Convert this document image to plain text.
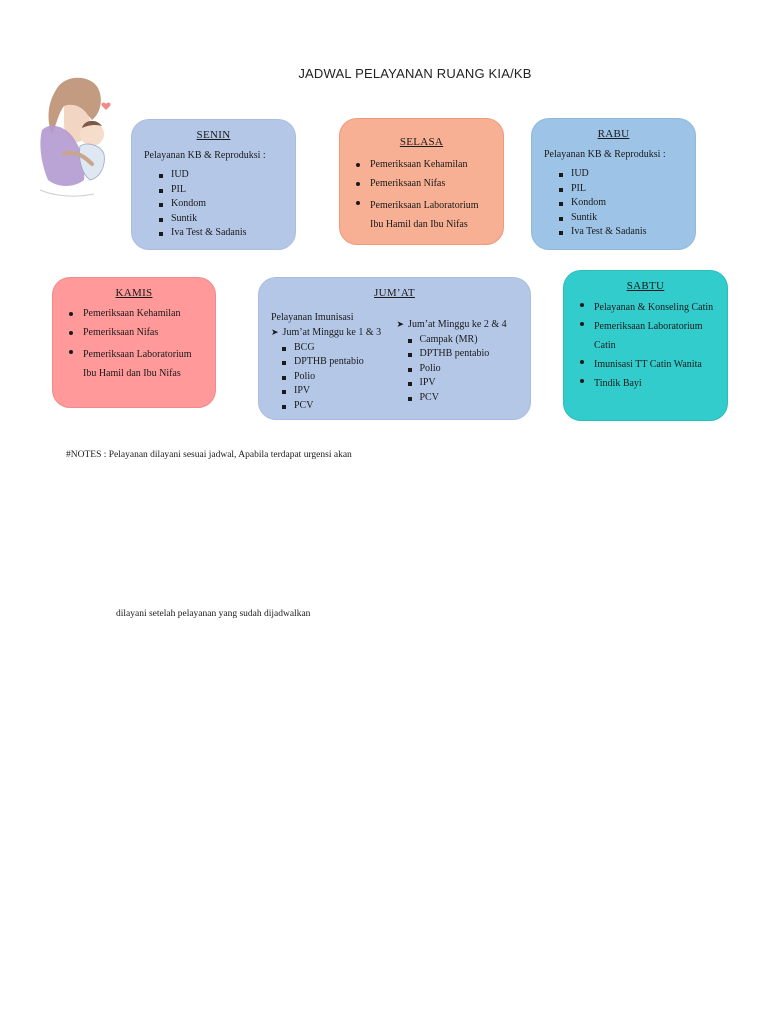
JADWAL PELAYANAN RUANG KIA/KB
SENIN
Pelayanan KB & Reproduksi :
IUD
PIL
Kondom
Suntik
Iva Test & Sadanis
SELASA
Pemeriksaan Kehamilan
Pemeriksaan Nifas
Pemeriksaan Laboratorium Ibu Hamil dan Ibu Nifas
RABU
Pelayanan KB & Reproduksi :
IUD
PIL
Kondom
Suntik
Iva Test & Sadanis
KAMIS
Pemeriksaan Kehamilan
Pemeriksaan Nifas
Pemeriksaan Laboratorium Ibu Hamil dan Ibu Nifas
JUM’AT
Pelayanan Imunisasi
➤ Jum’at Minggu ke 1 & 3
BCG
DPTHB pentabio
Polio
IPV
PCV
➤ Jum’at Minggu ke 2 & 4
Campak (MR)
DPTHB pentabio
Polio
IPV
PCV
SABTU
Pelayanan & Konseling Catin
Pemeriksaan Laboratorium Catin
Imunisasi TT Catin Wanita
Tindik Bayi
#NOTES : Pelayanan dilayani sesuai jadwal, Apabila terdapat urgensi akan
dilayani setelah pelayanan yang sudah dijadwalkan
